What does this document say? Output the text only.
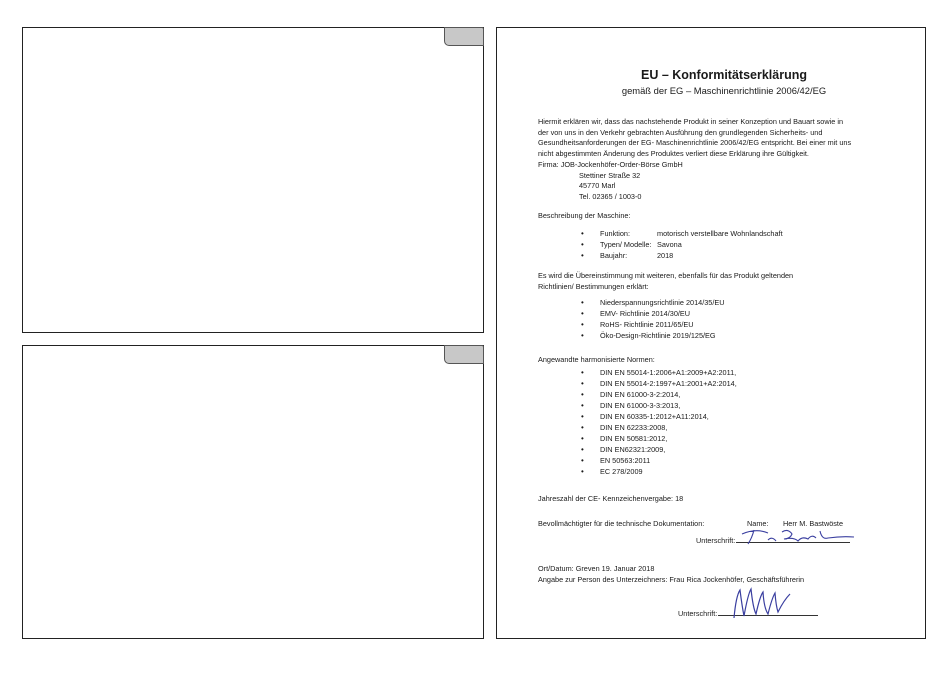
EU – Konformitätserklärung
gemäß der EG – Maschinenrichtlinie 2006/42/EG
Hiermit erklären wir, dass das nachstehende Produkt in seiner Konzeption und Bauart sowie in
der von uns in den Verkehr gebrachten Ausführung den grundlegenden Sicherheits- und
Gesundheitsanforderungen der EG- Maschinenrichtlinie 2006/42/EG entspricht. Bei einer mit uns
nicht abgestimmten Änderung des Produktes verliert diese Erklärung ihre Gültigkeit.
Firma: JOB-Jockenhöfer-Order-Börse GmbH
Stettiner Straße 32
45770 Marl
Tel. 02365 / 1003-0
Beschreibung der Maschine:
• Funktion:	motorisch verstellbare Wohnlandschaft
• Typen/ Modelle: Savona
• Baujahr:	2018
Es wird die Übereinstimmung mit weiteren, ebenfalls für das Produkt geltenden
Richtlinien/ Bestimmungen erklärt:
• Niederspannungsrichtlinie 2014/35/EU
• EMV- Richtlinie 2014/30/EU
• RoHS- Richtlinie 2011/65/EU
• Öko-Design-Richtlinie 2019/125/EG
Angewandte harmonisierte Normen:
• DIN EN 55014-1:2006+A1:2009+A2:2011,
• DIN EN 55014-2:1997+A1:2001+A2:2014,
• DIN EN 61000-3-2:2014,
• DIN EN 61000-3-3:2013,
• DIN EN 60335-1:2012+A11:2014,
• DIN EN 62233:2008,
• DIN EN 50581:2012,
• DIN EN62321:2009,
• EN 50563:2011
• EC 278/2009
Jahreszahl der CE- Kennzeichenvergabe: 18
Bevollmächtigter für die technische Dokumentation:	Name: Herr M. Bastwöste
Unterschrift:
Ort/Datum: Greven 19. Januar 2018
Angabe zur Person des Unterzeichners: Frau Rica Jockenhöfer, Geschäftsführerin
Unterschrift:
